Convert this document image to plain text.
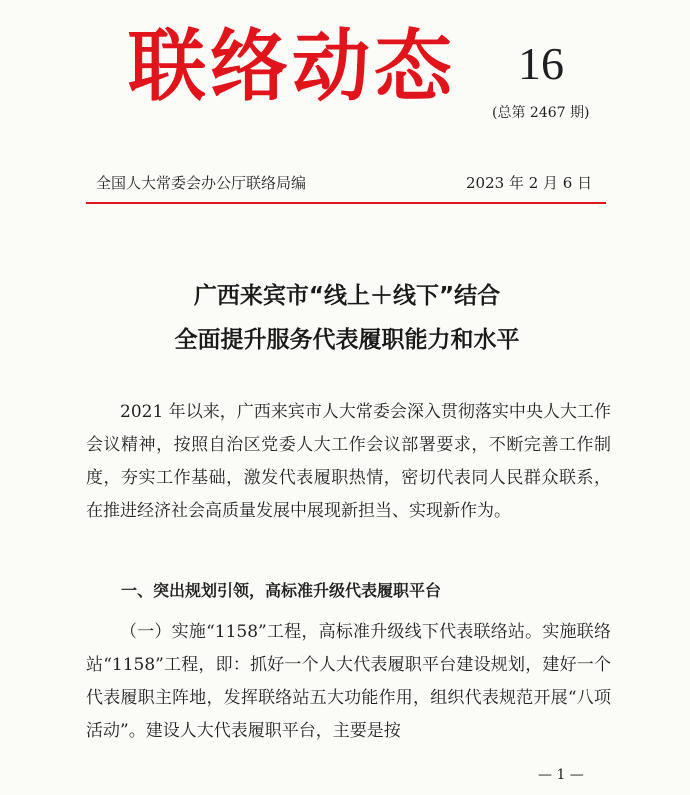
联络动态 16
(总第 2467 期)
全国人大常委会办公厅联络局编	2023 年 2 月 6 日
广西来宾市“线上＋线下”结合
全面提升服务代表履职能力和水平
2021 年以来，广西来宾市人大常委会深入贯彻落实中央人大工作会议精神，按照自治区党委人大工作会议部署要求，不断完善工作制度，夯实工作基础，激发代表履职热情，密切代表同人民群众联系，在推进经济社会高质量发展中展现新担当、实现新作为。
一、突出规划引领，高标准升级代表履职平台
（一）实施“1158”工程，高标准升级线下代表联络站。实施联络站“1158”工程，即：抓好一个人大代表履职平台建设规划，建好一个代表履职主阵地，发挥联络站五大功能作用，组织代表规范开展“八项活动”。建设人大代表履职平台，主要是按
— 1 —
